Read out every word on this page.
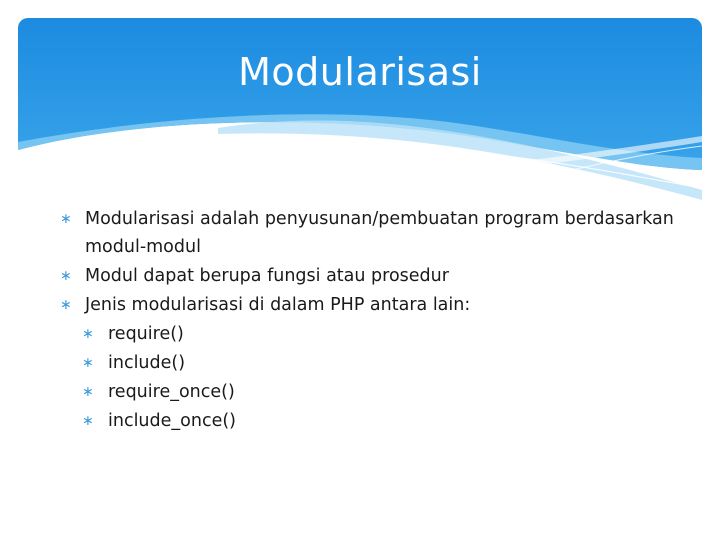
Modularisasi
∗ Modularisasi adalah penyusunan/pembuatan program berdasarkan modul-modul
∗ Modul dapat berupa fungsi atau prosedur
∗ Jenis modularisasi di dalam PHP antara lain:
∗ require()
∗ include()
∗ require_once()
∗ include_once()
